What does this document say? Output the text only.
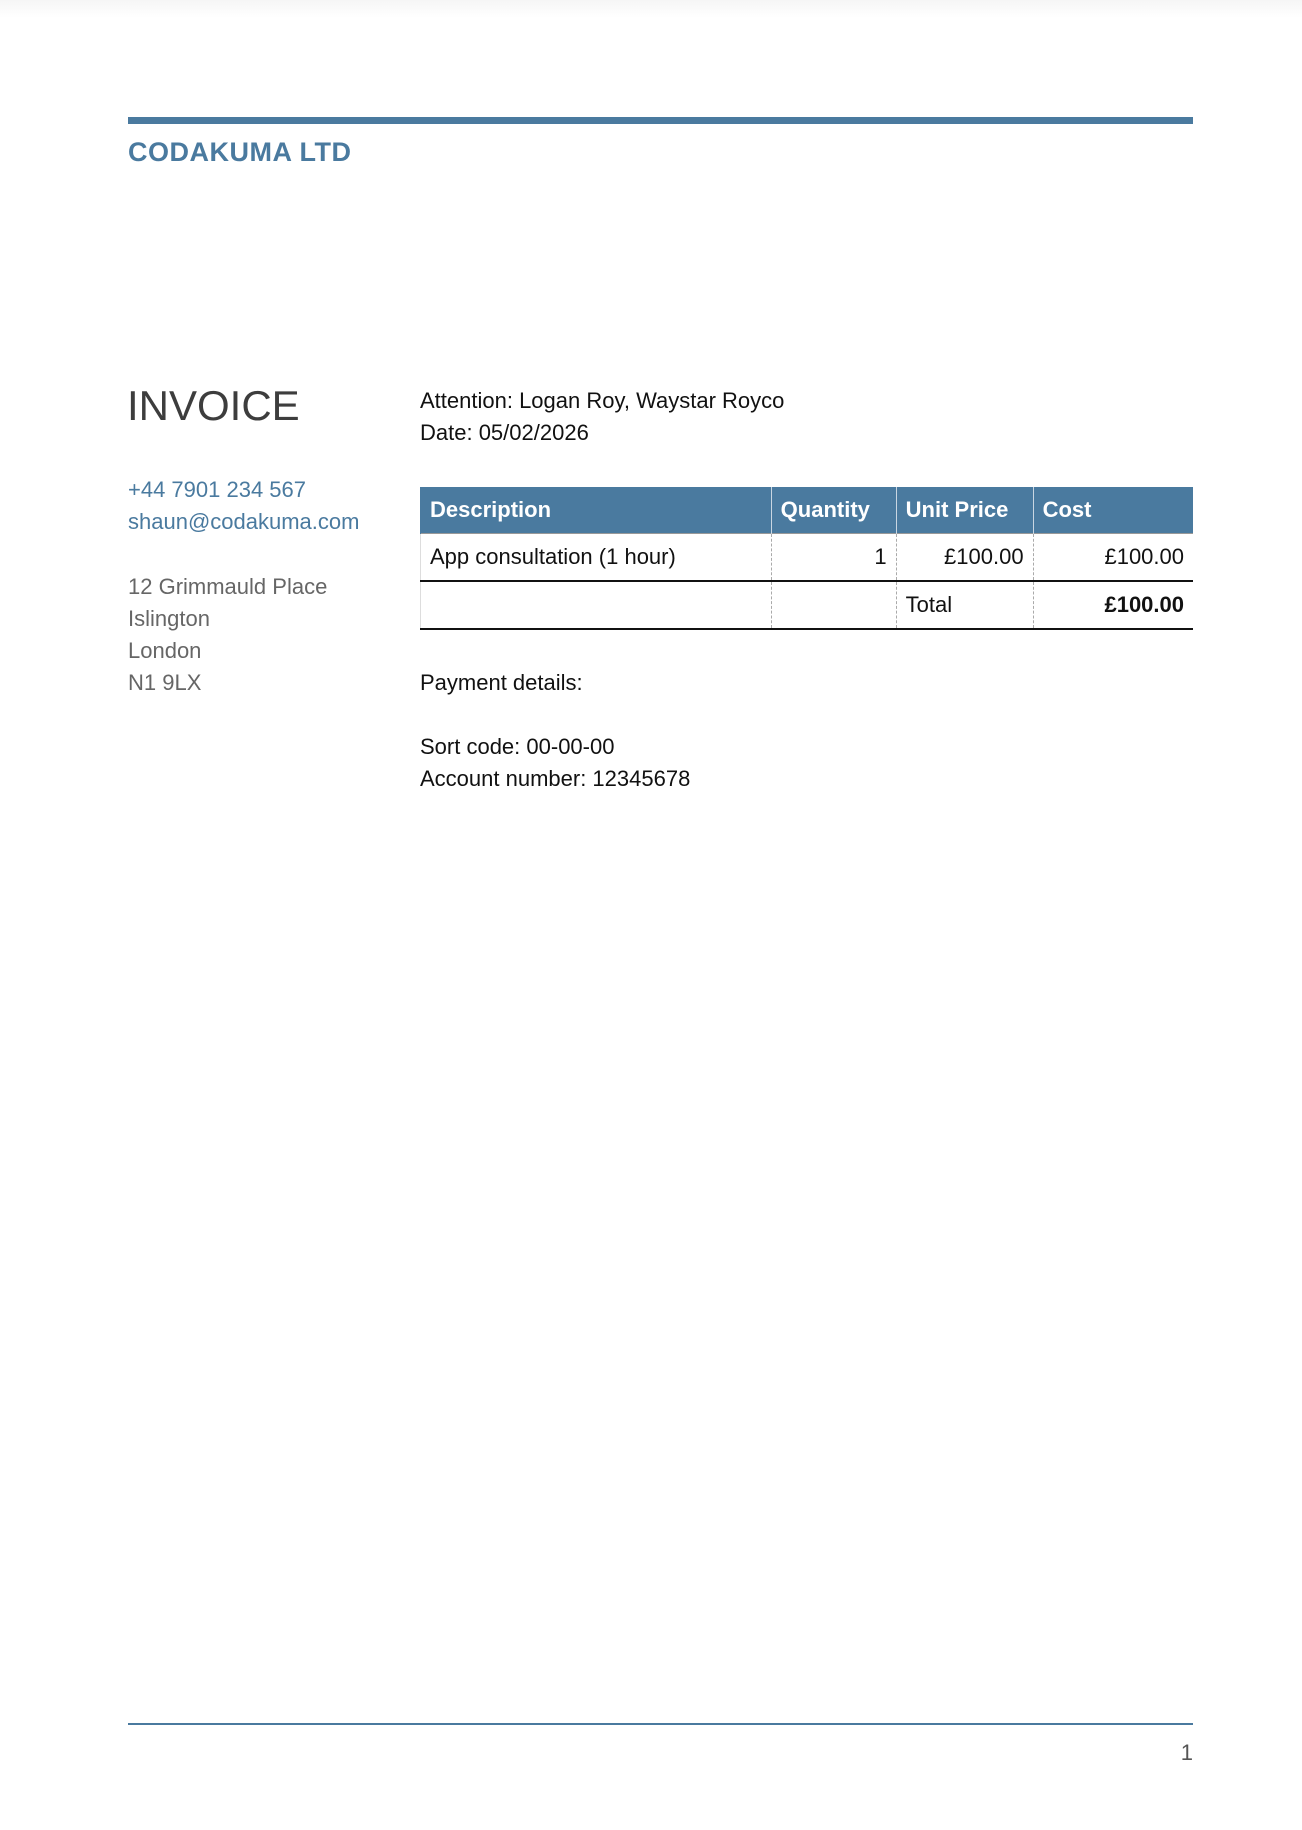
CODAKUMA LTD
INVOICE
+44 7901 234 567
shaun@codakuma.com
12 Grimmauld Place
Islington
London
N1 9LX
Attention: Logan Roy, Waystar Royco
Date: 05/02/2026
Description	Quantity	Unit Price	Cost
App consultation (1 hour)	1	£100.00	£100.00
		Total	£100.00
Payment details:
Sort code: 00-00-00
Account number: 12345678
1
